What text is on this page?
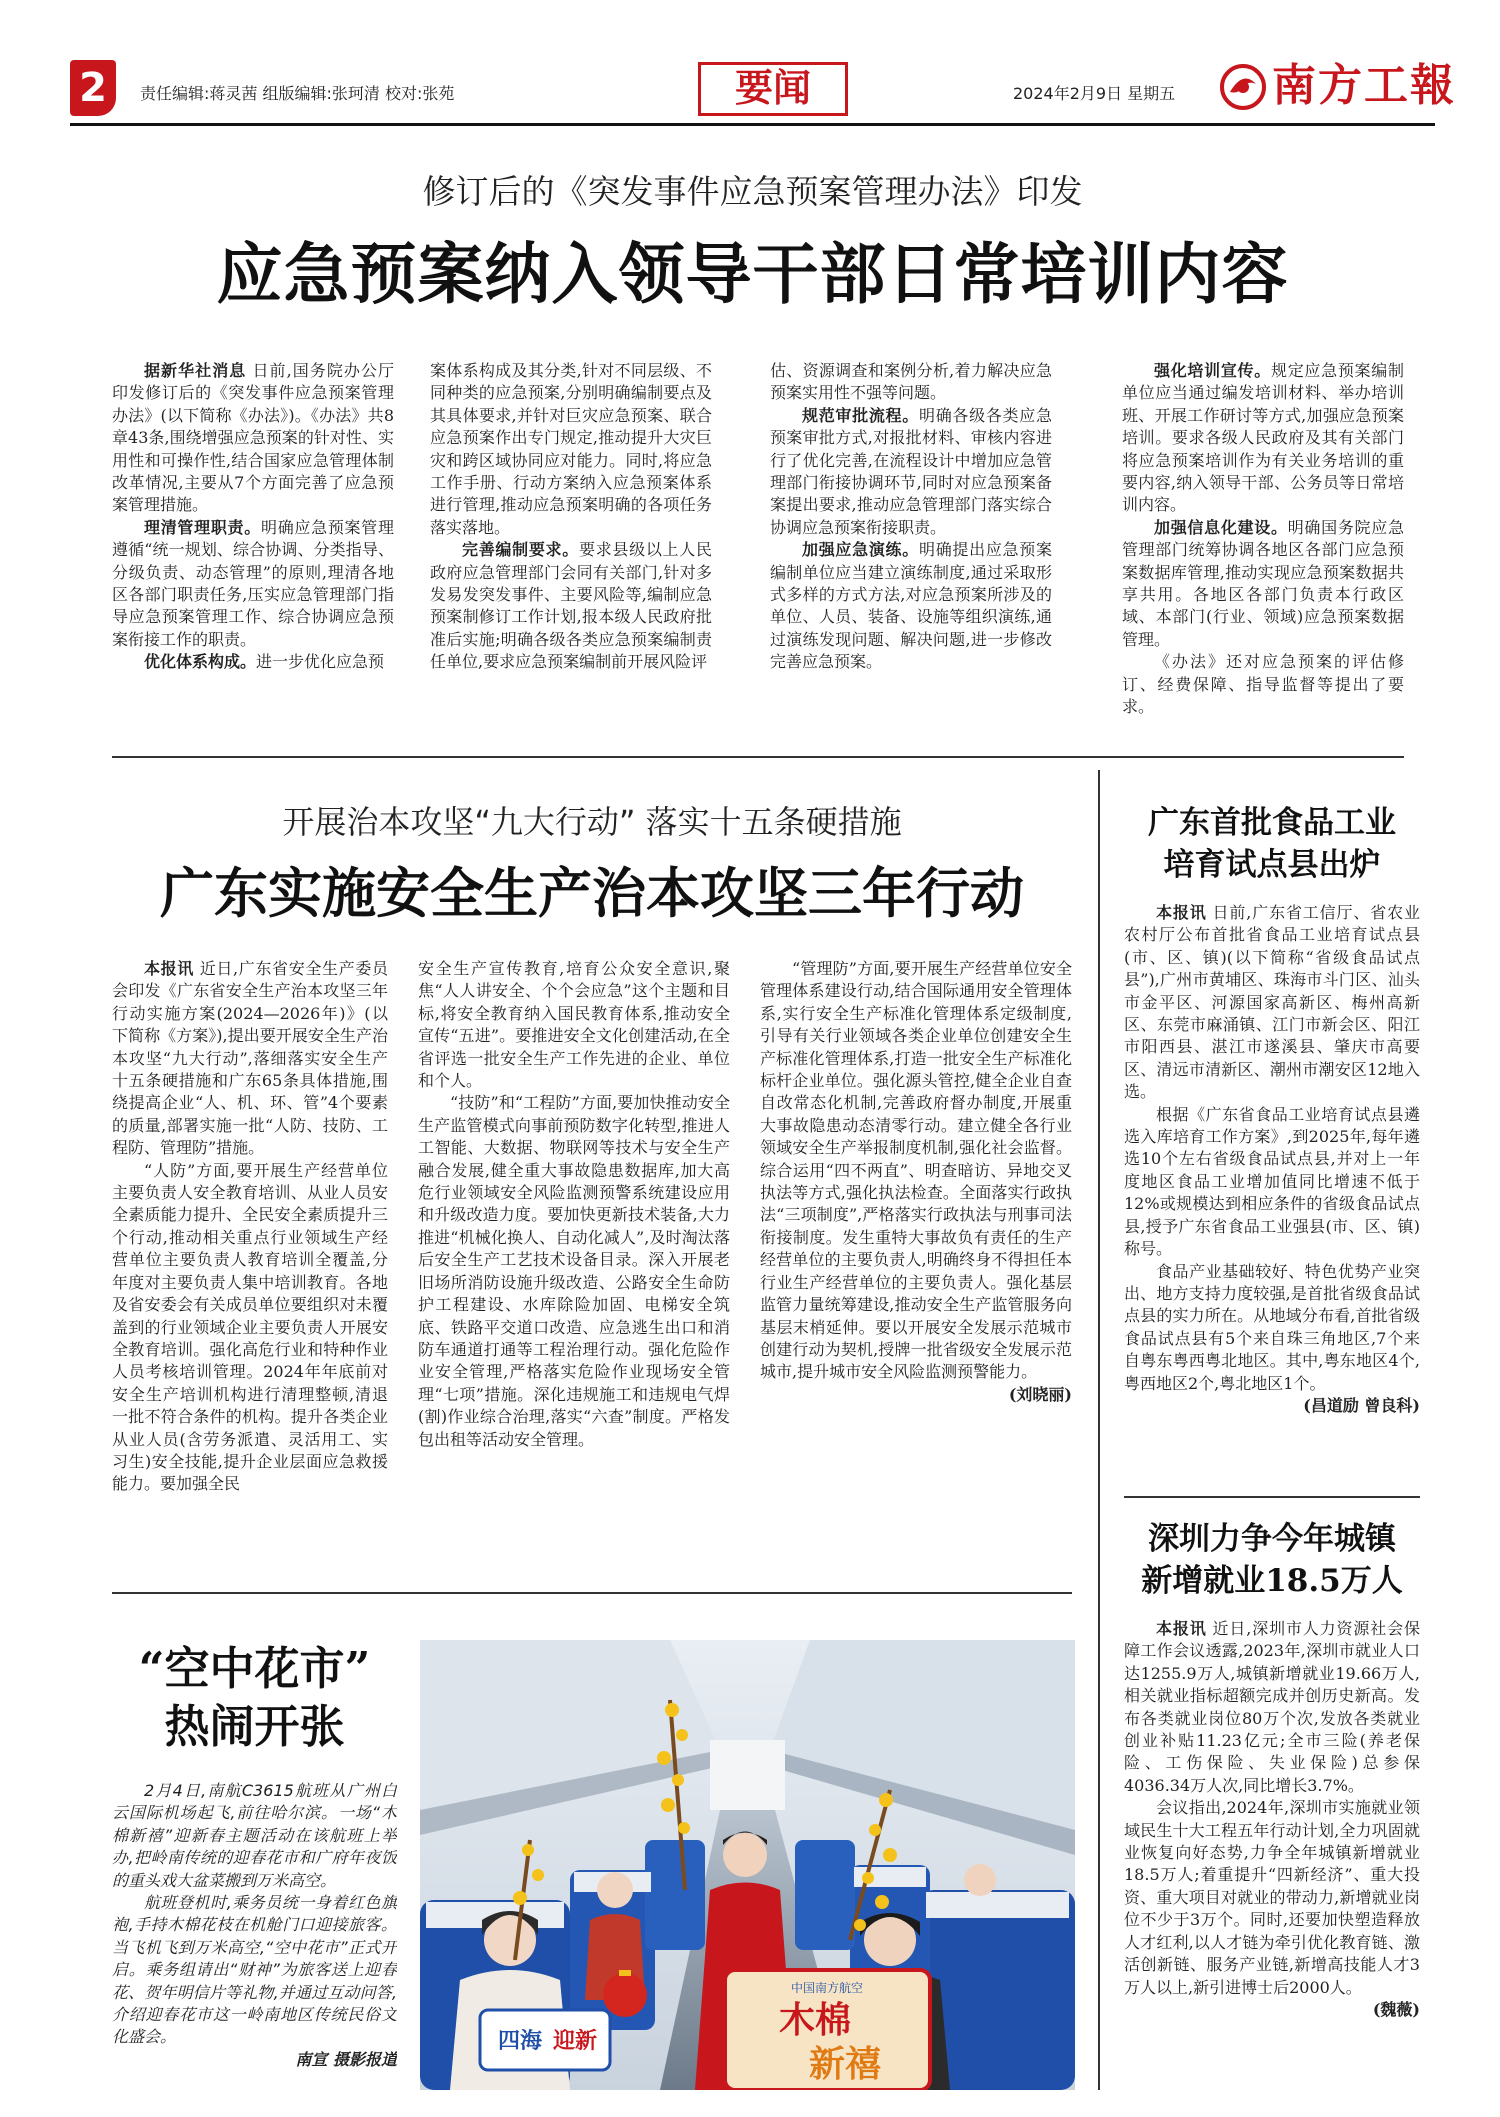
2	责任编辑:蒋灵茜 组版编辑:张珂清 校对:张苑	要闻	2024年2月9日 星期五 南方工報
修订后的《突发事件应急预案管理办法》印发
应急预案纳入领导干部日常培训内容

据新华社消息 日前,国务院办公厅印发修订后的《突发事件应急预案管理办法》(以下简称《办法》)。《办法》共8章43条,围绕增强应急预案的针对性、实用性和可操作性,结合国家应急管理体制改革情况,主要从7个方面完善了应急预案管理措施。

理清管理职责。明确应急预案管理遵循“统一规划、综合协调、分类指导、分级负责、动态管理”的原则,理清各地区各部门职责任务,压实应急管理部门指导应急预案管理工作、综合协调应急预案衔接工作的职责。

优化体系构成。进一步优化应急预

案体系构成及其分类,针对不同层级、不同种类的应急预案,分别明确编制要点及其具体要求,并针对巨灾应急预案、联合应急预案作出专门规定,推动提升大灾巨灾和跨区域协同应对能力。同时,将应急工作手册、行动方案纳入应急预案体系进行管理,推动应急预案明确的各项任务落实落地。

完善编制要求。要求县级以上人民政府应急管理部门会同有关部门,针对多发易发突发事件、主要风险等,编制应急预案制修订工作计划,报本级人民政府批准后实施;明确各级各类应急预案编制责任单位,要求应急预案编制前开展风险评

估、资源调查和案例分析,着力解决应急预案实用性不强等问题。

规范审批流程。明确各级各类应急预案审批方式,对报批材料、审核内容进行了优化完善,在流程设计中增加应急管理部门衔接协调环节,同时对应急预案备案提出要求,推动应急管理部门落实综合协调应急预案衔接职责。

加强应急演练。明确提出应急预案编制单位应当建立演练制度,通过采取形式多样的方式方法,对应急预案所涉及的单位、人员、装备、设施等组织演练,通过演练发现问题、解决问题,进一步修改完善应急预案。

强化培训宣传。规定应急预案编制单位应当通过编发培训材料、举办培训班、开展工作研讨等方式,加强应急预案培训。要求各级人民政府及其有关部门将应急预案培训作为有关业务培训的重要内容,纳入领导干部、公务员等日常培训内容。

加强信息化建设。明确国务院应急管理部门统筹协调各地区各部门应急预案数据库管理,推动实现应急预案数据共享共用。各地区各部门负责本行政区域、本部门(行业、领域)应急预案数据管理。

《办法》还对应急预案的评估修订、经费保障、指导监督等提出了要求。

开展治本攻坚“九大行动” 落实十五条硬措施
广东实施安全生产治本攻坚三年行动

本报讯 近日,广东省安全生产委员会印发《广东省安全生产治本攻坚三年行动实施方案(2024—2026年)》(以下简称《方案》),提出要开展安全生产治本攻坚“九大行动”,落细落实安全生产十五条硬措施和广东65条具体措施,围绕提高企业“人、机、环、管”4个要素的质量,部署实施一批“人防、技防、工程防、管理防”措施。

“人防”方面,要开展生产经营单位主要负责人安全教育培训、从业人员安全素质能力提升、全民安全素质提升三个行动,推动相关重点行业领域生产经营单位主要负责人教育培训全覆盖,分年度对主要负责人集中培训教育。各地及省安委会有关成员单位要组织对未覆盖到的行业领域企业主要负责人开展安全教育培训。强化高危行业和特种作业人员考核培训管理。2024年年底前对安全生产培训机构进行清理整顿,清退一批不符合条件的机构。提升各类企业从业人员(含劳务派遣、灵活用工、实习生)安全技能,提升企业层面应急救援能力。要加强全民

安全生产宣传教育,培育公众安全意识,聚焦“人人讲安全、个个会应急”这个主题和目标,将安全教育纳入国民教育体系,推动安全宣传“五进”。要推进安全文化创建活动,在全省评选一批安全生产工作先进的企业、单位和个人。

“技防”和“工程防”方面,要加快推动安全生产监管模式向事前预防数字化转型,推进人工智能、大数据、物联网等技术与安全生产融合发展,健全重大事故隐患数据库,加大高危行业领域安全风险监测预警系统建设应用和升级改造力度。要加快更新技术装备,大力推进“机械化换人、自动化减人”,及时淘汰落后安全生产工艺技术设备目录。深入开展老旧场所消防设施升级改造、公路安全生命防护工程建设、水库除险加固、电梯安全筑底、铁路平交道口改造、应急逃生出口和消防车通道打通等工程治理行动。强化危险作业安全管理,严格落实危险作业现场安全管理“七项”措施。深化违规施工和违规电气焊(割)作业综合治理,落实“六查”制度。严格发包出租等活动安全管理。

“管理防”方面,要开展生产经营单位安全管理体系建设行动,结合国际通用安全管理体系,实行安全生产标准化管理体系定级制度,引导有关行业领域各类企业单位创建安全生产标准化管理体系,打造一批安全生产标准化标杆企业单位。强化源头管控,健全企业自查自改常态化机制,完善政府督办制度,开展重大事故隐患动态清零行动。建立健全各行业领域安全生产举报制度机制,强化社会监督。综合运用“四不两直”、明查暗访、异地交叉执法等方式,强化执法检查。全面落实行政执法“三项制度”,严格落实行政执法与刑事司法衔接制度。发生重特大事故负有责任的生产经营单位的主要负责人,明确终身不得担任本行业生产经营单位的主要负责人。强化基层监管力量统筹建设,推动安全生产监管服务向基层末梢延伸。要以开展安全发展示范城市创建行动为契机,授牌一批省级安全发展示范城市,提升城市安全风险监测预警能力。

(刘晓丽)

广东首批食品工业
培育试点县出炉

本报讯 日前,广东省工信厅、省农业农村厅公布首批省食品工业培育试点县(市、区、镇)(以下简称“省级食品试点县”),广州市黄埔区、珠海市斗门区、汕头市金平区、河源国家高新区、梅州高新区、东莞市麻涌镇、江门市新会区、阳江市阳西县、湛江市遂溪县、肇庆市高要区、清远市清新区、潮州市潮安区12地入选。

根据《广东省食品工业培育试点县遴选入库培育工作方案》,到2025年,每年遴选10个左右省级食品试点县,并对上一年度地区食品工业增加值同比增速不低于12%或规模达到相应条件的省级食品试点县,授予广东省食品工业强县(市、区、镇)称号。

食品产业基础较好、特色优势产业突出、地方支持力度较强,是首批省级食品试点县的实力所在。从地域分布看,首批省级食品试点县有5个来自珠三角地区,7个来自粤东粤西粤北地区。其中,粤东地区4个,粤西地区2个,粤北地区1个。

(昌道励 曾良科)

深圳力争今年城镇
新增就业18.5万人

本报讯 近日,深圳市人力资源社会保障工作会议透露,2023年,深圳市就业人口达1255.9万人,城镇新增就业19.66万人,相关就业指标超额完成并创历史新高。发布各类就业岗位80万个次,发放各类就业创业补贴11.23亿元;全市三险(养老保险、工伤保险、失业保险)总参保4036.34万人次,同比增长3.7%。

会议指出,2024年,深圳市实施就业领域民生十大工程五年行动计划,全力巩固就业恢复向好态势,力争全年城镇新增就业18.5万人;着重提升“四新经济”、重大投资、重大项目对就业的带动力,新增就业岗位不少于3万个。同时,还要加快塑造释放人才红利,以人才链为牵引优化教育链、激活创新链、服务产业链,新增高技能人才3万人以上,新引进博士后2000人。

(魏薇)

“空中花市”
热闹开张

2月4日,南航C3615航班从广州白云国际机场起飞,前往哈尔滨。一场“木棉新禧”迎新春主题活动在该航班上举办,把岭南传统的迎春花市和广府年夜饭的重头戏大盆菜搬到万米高空。

航班登机时,乘务员统一身着红色旗袍,手持木棉花枝在机舱门口迎接旅客。当飞机飞到万米高空,“空中花市”正式开启。乘务组请出“财神”为旅客送上迎春花、贺年明信片等礼物,并通过互动问答,介绍迎春花市这一岭南地区传统民俗文化盛会。

南宣 摄影报道

中国南方航空
木棉
新禧
四海 迎新
